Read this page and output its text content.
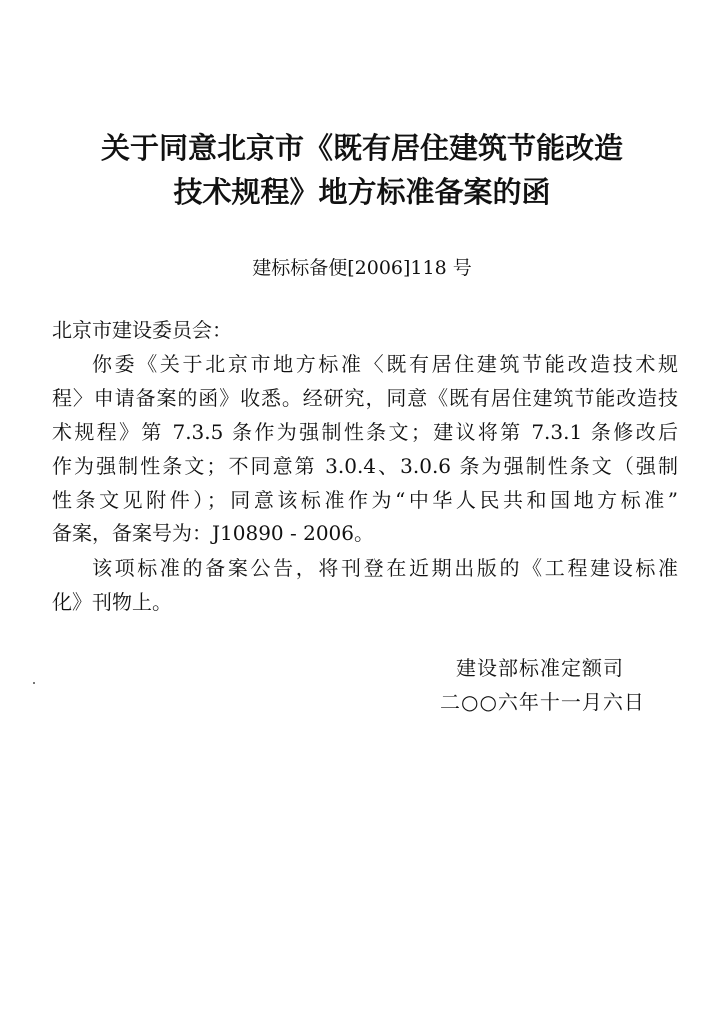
关于同意北京市《既有居住建筑节能改造
技术规程》地方标准备案的函
建标标备便[2006]118 号
北京市建设委员会：
你委《关于北京市地方标准〈既有居住建筑节能改造技术规
程〉申请备案的函》收悉。经研究，同意《既有居住建筑节能改造技
术规程》第 7.3.5 条作为强制性条文；建议将第 7.3.1 条修改后
作为强制性条文；不同意第 3.0.4、3.0.6 条为强制性条文（强制
性条文见附件）；同意该标准作为“中华人民共和国地方标准”
备案，备案号为：J10890 - 2006。
该项标准的备案公告，将刊登在近期出版的《工程建设标准
化》刊物上。
建设部标准定额司
二○○六年十一月六日
